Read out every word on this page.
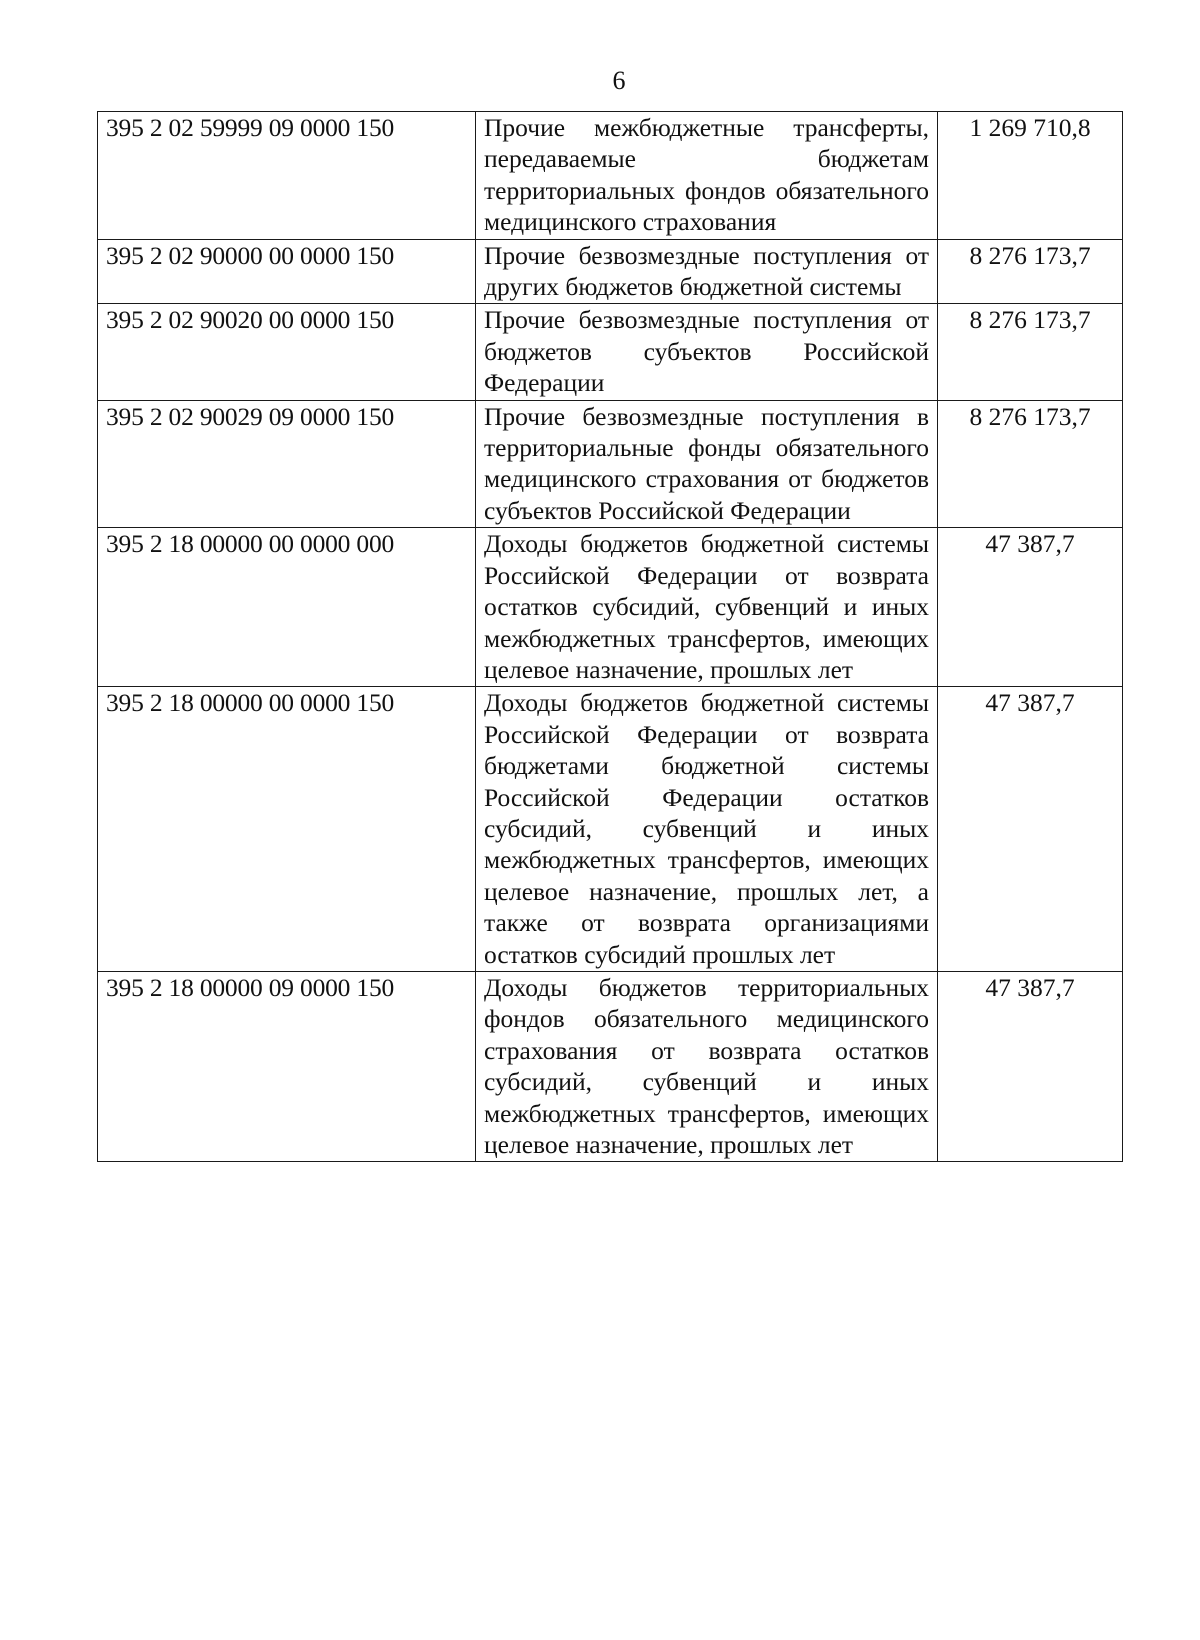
6
395 2 02 59999 09 0000 150	Прочие межбюджетные трансферты, передаваемые бюджетам территориальных фондов обязательного медицинского страхования	1 269 710,8
395 2 02 90000 00 0000 150	Прочие безвозмездные поступления от других бюджетов бюджетной системы	8 276 173,7
395 2 02 90020 00 0000 150	Прочие безвозмездные поступления от бюджетов субъектов Российской Федерации	8 276 173,7
395 2 02 90029 09 0000 150	Прочие безвозмездные поступления в территориальные фонды обязательного медицинского страхования от бюджетов субъектов Российской Федерации	8 276 173,7
395 2 18 00000 00 0000 000	Доходы бюджетов бюджетной системы Российской Федерации от возврата остатков субсидий, субвенций и иных межбюджетных трансфертов, имеющих целевое назначение, прошлых лет	47 387,7
395 2 18 00000 00 0000 150	Доходы бюджетов бюджетной системы Российской Федерации от возврата бюджетами бюджетной системы Российской Федерации остатков субсидий, субвенций и иных межбюджетных трансфертов, имеющих целевое назначение, прошлых лет, а также от возврата организациями остатков субсидий прошлых лет	47 387,7
395 2 18 00000 09 0000 150	Доходы бюджетов территориальных фондов обязательного медицинского страхования от возврата остатков субсидий, субвенций и иных межбюджетных трансфертов, имеющих целевое назначение, прошлых лет	47 387,7
